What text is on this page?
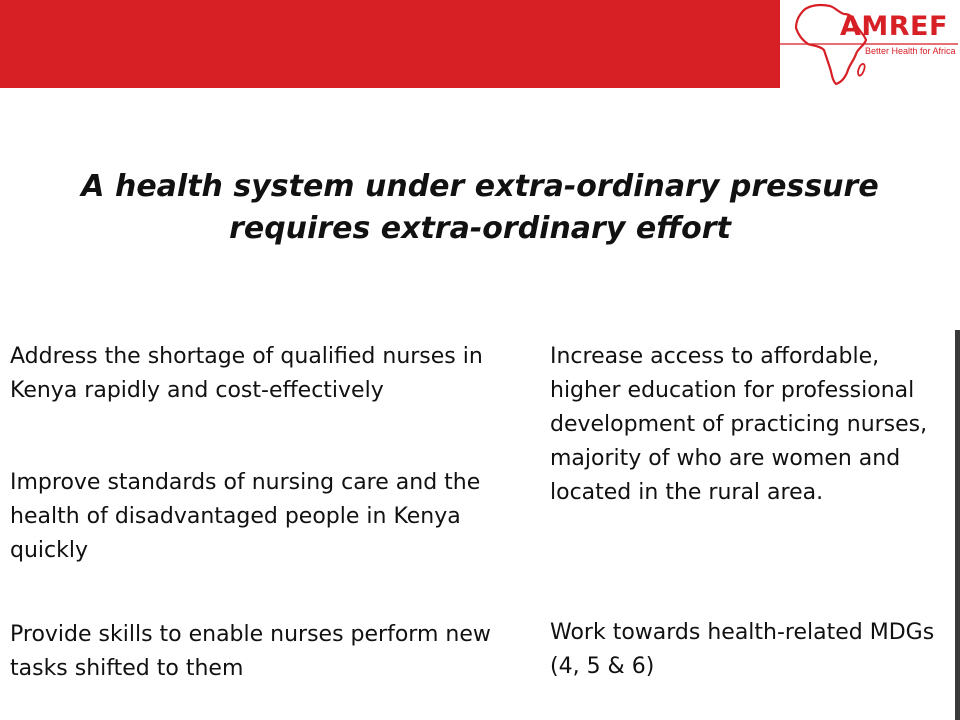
AMREF
Better Health for Africa
A health system under extra-ordinary pressure
requires extra-ordinary effort

Address the shortage of qualified nurses in Kenya rapidly and cost-effectively

Improve standards of nursing care and the health of disadvantaged people in Kenya quickly

Provide skills to enable nurses perform new tasks shifted to them

Increase access to affordable, higher education for professional development of practicing nurses, majority of who are women and located in the rural area.

Work towards health-related MDGs (4, 5 & 6)
